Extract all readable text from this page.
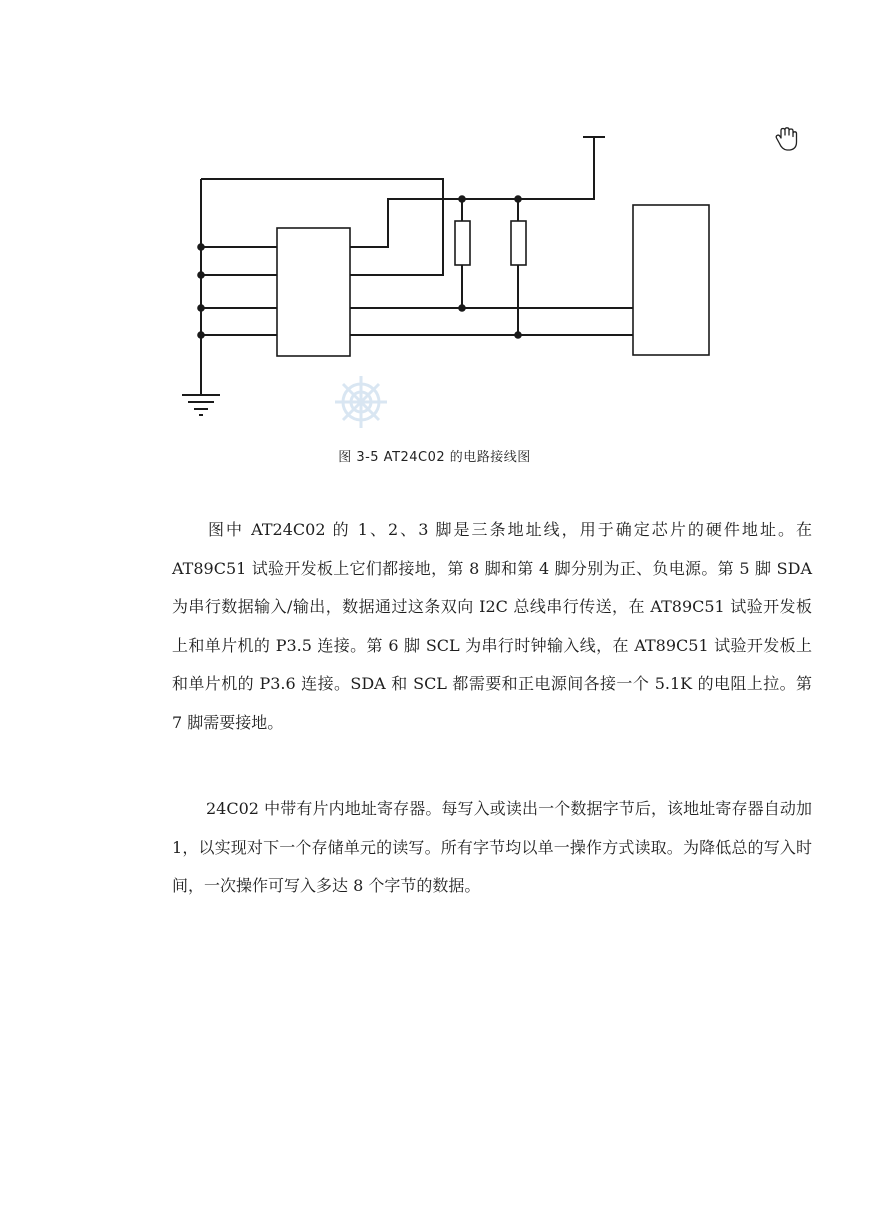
图 3-5 AT24C02 的电路接线图

图中 AT24C02 的 1、2、3 脚是三条地址线，用于确定芯片的硬件地址。在 AT89C51 试验开发板上它们都接地，第 8 脚和第 4 脚分别为正、负电源。第 5 脚 SDA 为串行数据输入/输出，数据通过这条双向 I2C 总线串行传送，在 AT89C51 试验开发板上和单片机的 P3.5 连接。第 6 脚 SCL 为串行时钟输入线，在 AT89C51 试验开发板上和单片机的 P3.6 连接。SDA 和 SCL 都需要和正电源间各接一个 5.1K 的电阻上拉。第 7 脚需要接地。

24C02 中带有片内地址寄存器。每写入或读出一个数据字节后，该地址寄存器自动加 1，以实现对下一个存储单元的读写。所有字节均以单一操作方式读取。为降低总的写入时间，一次操作可写入多达 8 个字节的数据。
